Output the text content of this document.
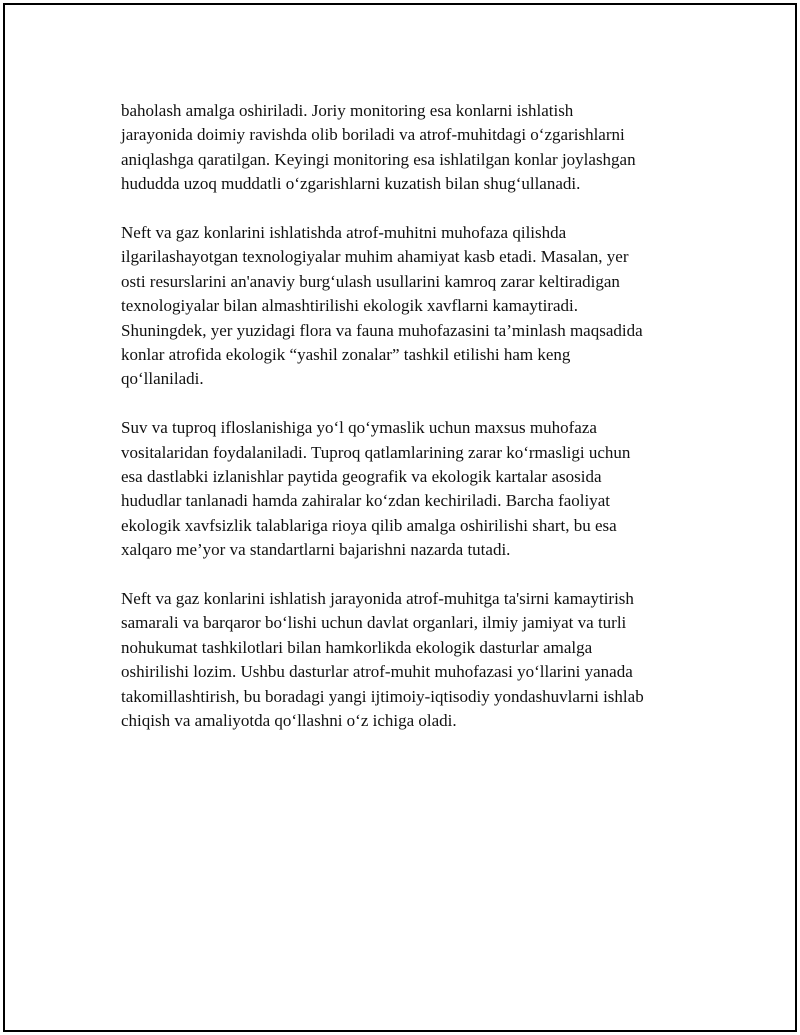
baholash amalga oshiriladi. Joriy monitoring esa konlarni ishlatish
jarayonida doimiy ravishda olib boriladi va atrof-muhitdagi o‘zgarishlarni
aniqlashga qaratilgan. Keyingi monitoring esa ishlatilgan konlar joylashgan
hududda uzoq muddatli o‘zgarishlarni kuzatish bilan shug‘ullanadi.

Neft va gaz konlarini ishlatishda atrof-muhitni muhofaza qilishda
ilgarilashayotgan texnologiyalar muhim ahamiyat kasb etadi. Masalan, yer
osti resurslarini an'anaviy burg‘ulash usullarini kamroq zarar keltiradigan
texnologiyalar bilan almashtirilishi ekologik xavflarni kamaytiradi.
Shuningdek, yer yuzidagi flora va fauna muhofazasini ta’minlash maqsadida
konlar atrofida ekologik “yashil zonalar” tashkil etilishi ham keng
qo‘llaniladi.

Suv va tuproq ifloslanishiga yo‘l qo‘ymaslik uchun maxsus muhofaza
vositalaridan foydalaniladi. Tuproq qatlamlarining zarar ko‘rmasligi uchun
esa dastlabki izlanishlar paytida geografik va ekologik kartalar asosida
hududlar tanlanadi hamda zahiralar ko‘zdan kechiriladi. Barcha faoliyat
ekologik xavfsizlik talablariga rioya qilib amalga oshirilishi shart, bu esa
xalqaro me’yor va standartlarni bajarishni nazarda tutadi.

Neft va gaz konlarini ishlatish jarayonida atrof-muhitga ta'sirni kamaytirish
samarali va barqaror bo‘lishi uchun davlat organlari, ilmiy jamiyat va turli
nohukumat tashkilotlari bilan hamkorlikda ekologik dasturlar amalga
oshirilishi lozim. Ushbu dasturlar atrof-muhit muhofazasi yo‘llarini yanada
takomillashtirish, bu boradagi yangi ijtimoiy-iqtisodiy yondashuvlarni ishlab
chiqish va amaliyotda qo‘llashni o‘z ichiga oladi.
